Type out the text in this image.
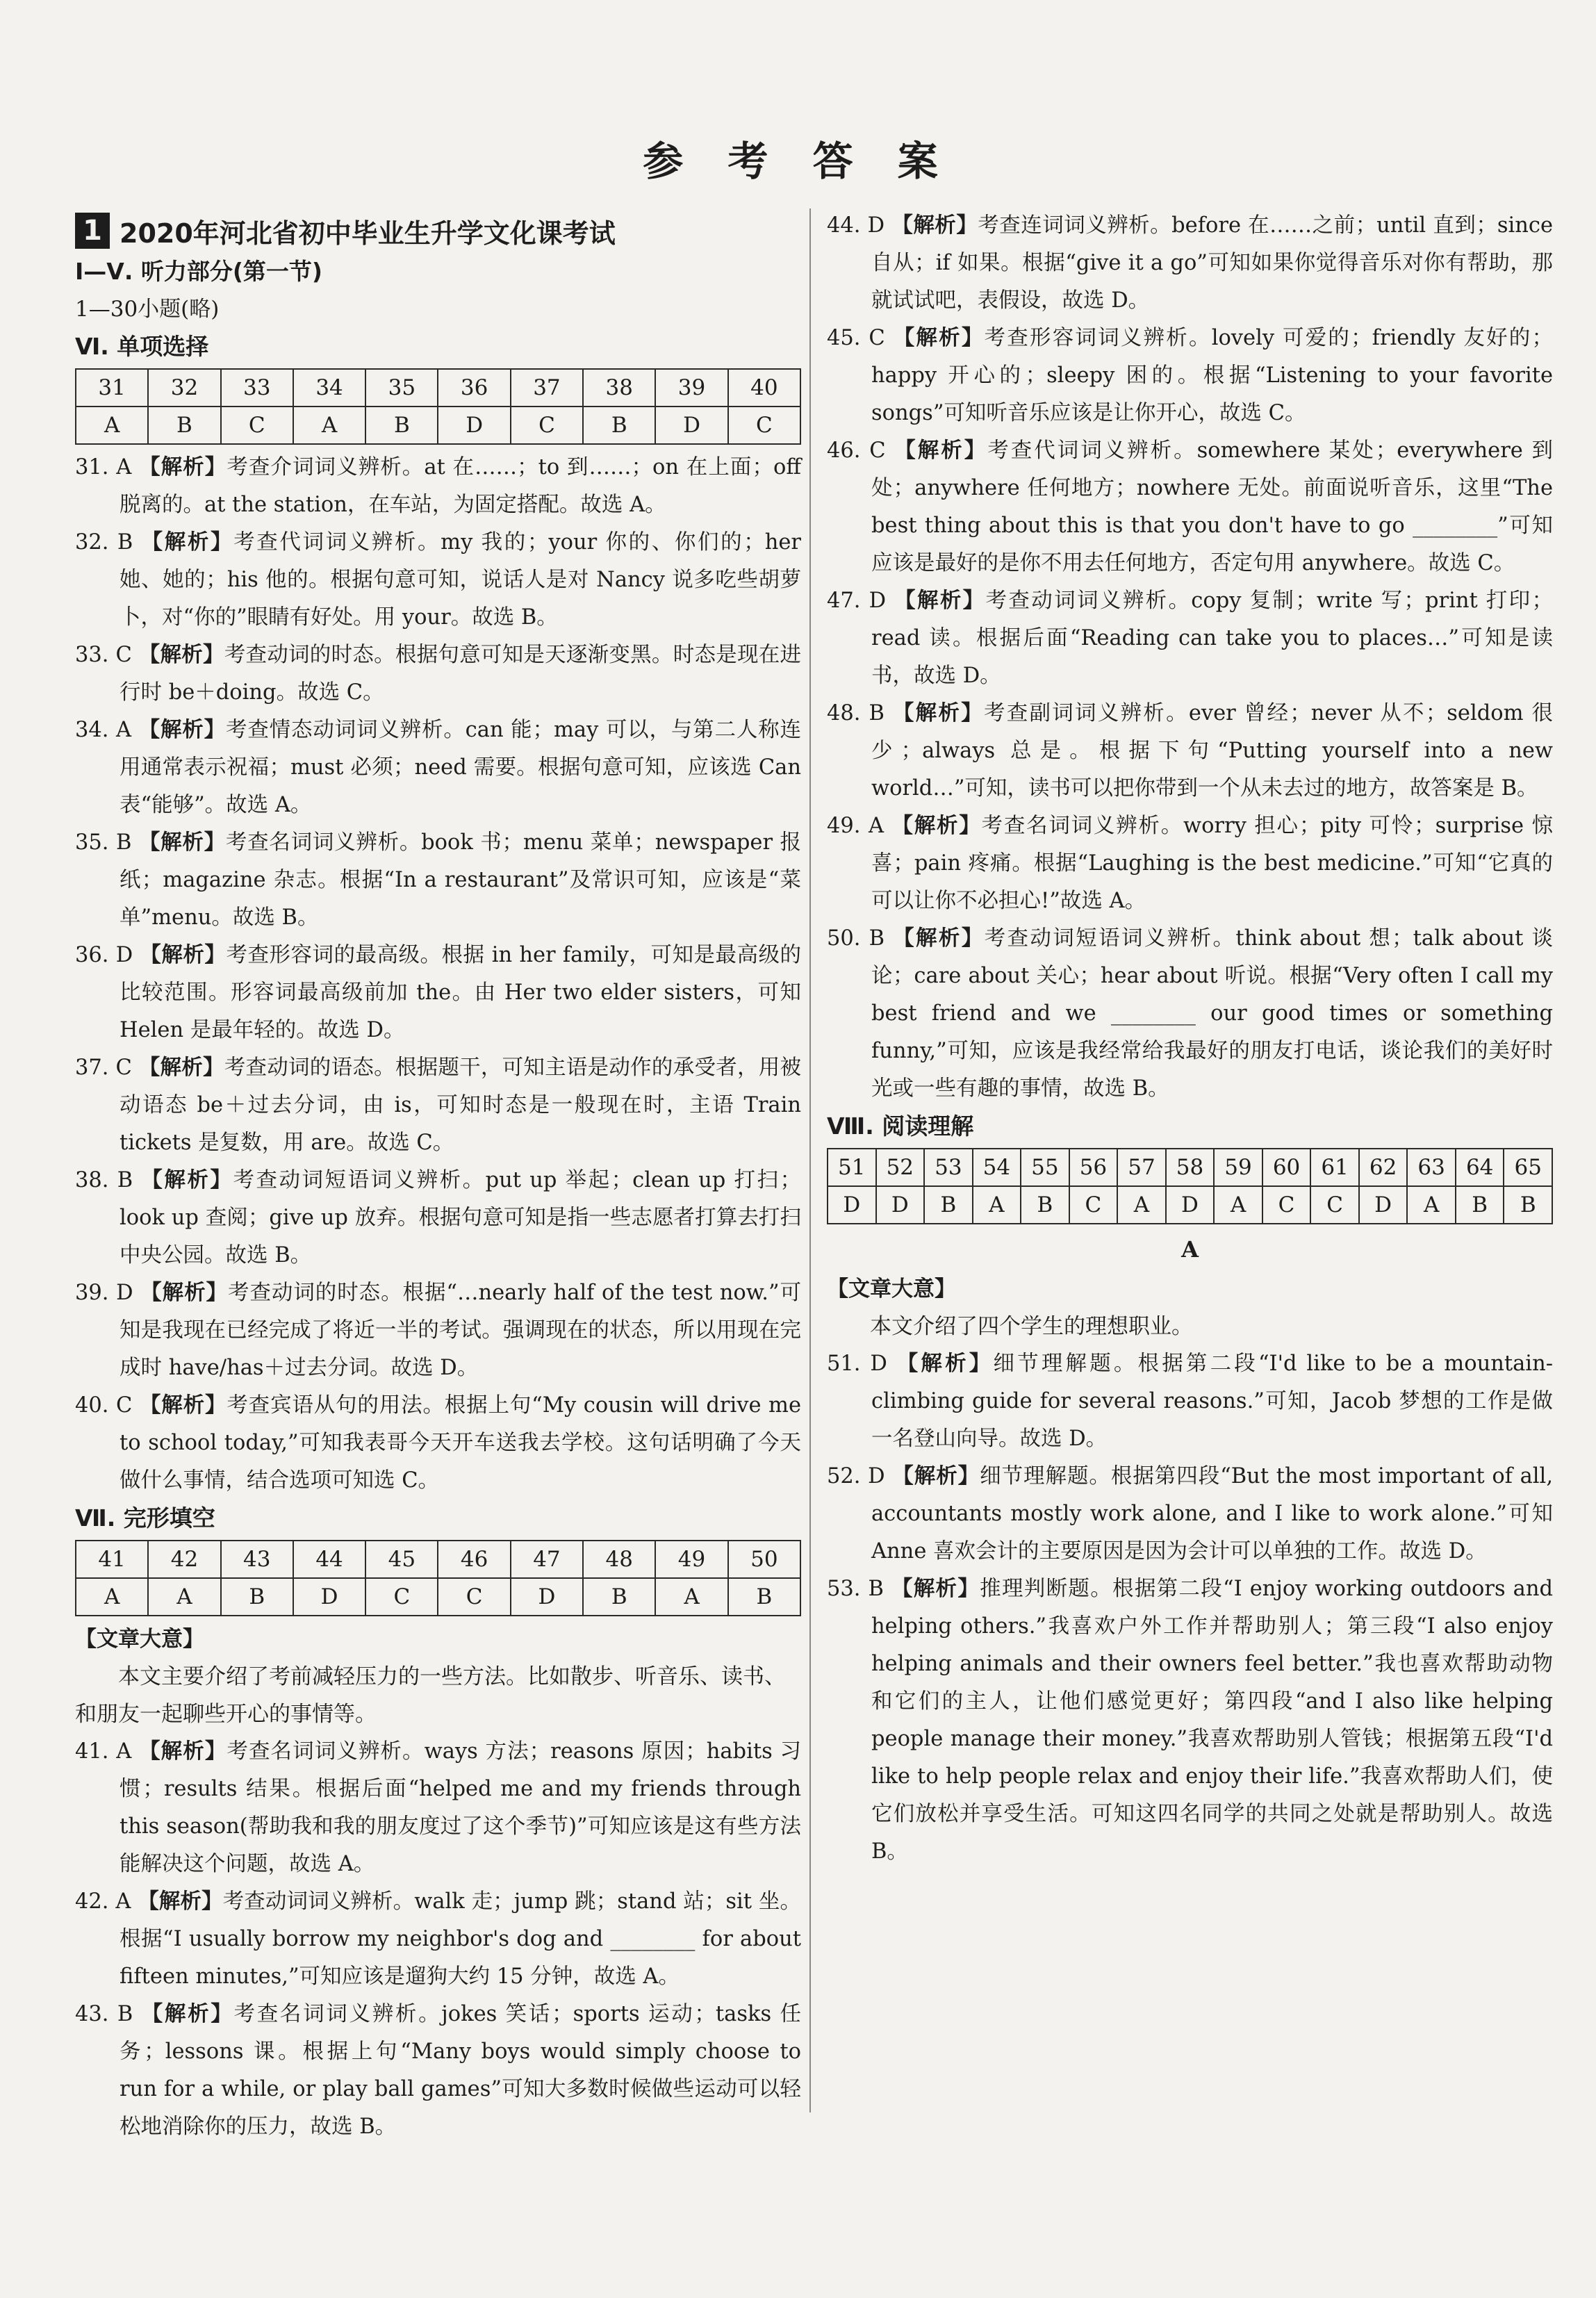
参 考 答 案
1 2020年河北省初中毕业生升学文化课考试
Ⅰ—Ⅴ. 听力部分(第一节)
1—30小题(略)
Ⅵ. 单项选择
31	32	33	34	35	36	37	38	39	40
A	B	C	A	B	D	C	B	D	C

31. A 【解析】考查介词词义辨析。at 在……；to 到……；on 在上面；off 脱离的。at the station，在车站，为固定搭配。故选 A。

32. B 【解析】考查代词词义辨析。my 我的；your 你的、你们的；her 她、她的；his 他的。根据句意可知，说话人是对 Nancy 说多吃些胡萝卜，对“你的”眼睛有好处。用 your。故选 B。

33. C 【解析】考查动词的时态。根据句意可知是天逐渐变黑。时态是现在进行时 be＋doing。故选 C。

34. A 【解析】考查情态动词词义辨析。can 能；may 可以，与第二人称连用通常表示祝福；must 必须；need 需要。根据句意可知，应该选 Can 表“能够”。故选 A。

35. B 【解析】考查名词词义辨析。book 书；menu 菜单；newspaper 报纸；magazine 杂志。根据“In a restaurant”及常识可知，应该是“菜单”menu。故选 B。

36. D 【解析】考查形容词的最高级。根据 in her family，可知是最高级的比较范围。形容词最高级前加 the。由 Her two elder sisters，可知 Helen 是最年轻的。故选 D。

37. C 【解析】考查动词的语态。根据题干，可知主语是动作的承受者，用被动语态 be＋过去分词，由 is，可知时态是一般现在时，主语 Train tickets 是复数，用 are。故选 C。

38. B 【解析】考查动词短语词义辨析。put up 举起；clean up 打扫；look up 查阅；give up 放弃。根据句意可知是指一些志愿者打算去打扫中央公园。故选 B。

39. D 【解析】考查动词的时态。根据“…nearly half of the test now.”可知是我现在已经完成了将近一半的考试。强调现在的状态，所以用现在完成时 have/has＋过去分词。故选 D。

40. C 【解析】考查宾语从句的用法。根据上句“My cousin will drive me to school today,”可知我表哥今天开车送我去学校。这句话明确了今天做什么事情，结合选项可知选 C。

Ⅶ. 完形填空
41	42	43	44	45	46	47	48	49	50
A	A	B	D	C	C	D	B	A	B
【文章大意】
本文主要介绍了考前减轻压力的一些方法。比如散步、听音乐、读书、和朋友一起聊些开心的事情等。

41. A 【解析】考查名词词义辨析。ways 方法；reasons 原因；habits 习惯；results 结果。根据后面“helped me and my friends through this season(帮助我和我的朋友度过了这个季节)”可知应该是这有些方法能解决这个问题，故选 A。

42. A 【解析】考查动词词义辨析。walk 走；jump 跳；stand 站；sit 坐。根据“I usually borrow my neighbor's dog and ________ for about fifteen minutes,”可知应该是遛狗大约 15 分钟，故选 A。

43. B 【解析】考查名词词义辨析。jokes 笑话；sports 运动；tasks 任务；lessons 课。根据上句“Many boys would simply choose to run for a while, or play ball games”可知大多数时候做些运动可以轻松地消除你的压力，故选 B。

44. D 【解析】考查连词词义辨析。before 在……之前；until 直到；since 自从；if 如果。根据“give it a go”可知如果你觉得音乐对你有帮助，那就试试吧，表假设，故选 D。

45. C 【解析】考查形容词词义辨析。lovely 可爱的；friendly 友好的；happy 开心的；sleepy 困的。根据“Listening to your favorite songs”可知听音乐应该是让你开心，故选 C。

46. C 【解析】考查代词词义辨析。somewhere 某处；everywhere 到处；anywhere 任何地方；nowhere 无处。前面说听音乐，这里“The best thing about this is that you don't have to go ________”可知应该是最好的是你不用去任何地方，否定句用 anywhere。故选 C。

47. D 【解析】考查动词词义辨析。copy 复制；write 写；print 打印；read 读。根据后面“Reading can take you to places…”可知是读书，故选 D。

48. B 【解析】考查副词词义辨析。ever 曾经；never 从不；seldom 很少；always 总是。根据下句“Putting yourself into a new world…”可知，读书可以把你带到一个从未去过的地方，故答案是 B。

49. A 【解析】考查名词词义辨析。worry 担心；pity 可怜；surprise 惊喜；pain 疼痛。根据“Laughing is the best medicine.”可知“它真的可以让你不必担心!”故选 A。

50. B 【解析】考查动词短语词义辨析。think about 想；talk about 谈论；care about 关心；hear about 听说。根据“Very often I call my best friend and we ________ our good times or something funny,”可知，应该是我经常给我最好的朋友打电话，谈论我们的美好时光或一些有趣的事情，故选 B。

Ⅷ. 阅读理解
51	52	53	54	55	56	57	58	59	60	61	62	63	64	65
D	D	B	A	B	C	A	D	A	C	C	D	A	B	B
A
【文章大意】
本文介绍了四个学生的理想职业。

51. D 【解析】细节理解题。根据第二段“I'd like to be a mountain-climbing guide for several reasons.”可知，Jacob 梦想的工作是做一名登山向导。故选 D。

52. D 【解析】细节理解题。根据第四段“But the most important of all, accountants mostly work alone, and I like to work alone.”可知 Anne 喜欢会计的主要原因是因为会计可以单独的工作。故选 D。

53. B 【解析】推理判断题。根据第二段“I enjoy working outdoors and helping others.”我喜欢户外工作并帮助别人；第三段“I also enjoy helping animals and their owners feel better.”我也喜欢帮助动物和它们的主人，让他们感觉更好；第四段“and I also like helping people manage their money.”我喜欢帮助别人管钱；根据第五段“I'd like to help people relax and enjoy their life.”我喜欢帮助人们，使它们放松并享受生活。可知这四名同学的共同之处就是帮助别人。故选 B。
